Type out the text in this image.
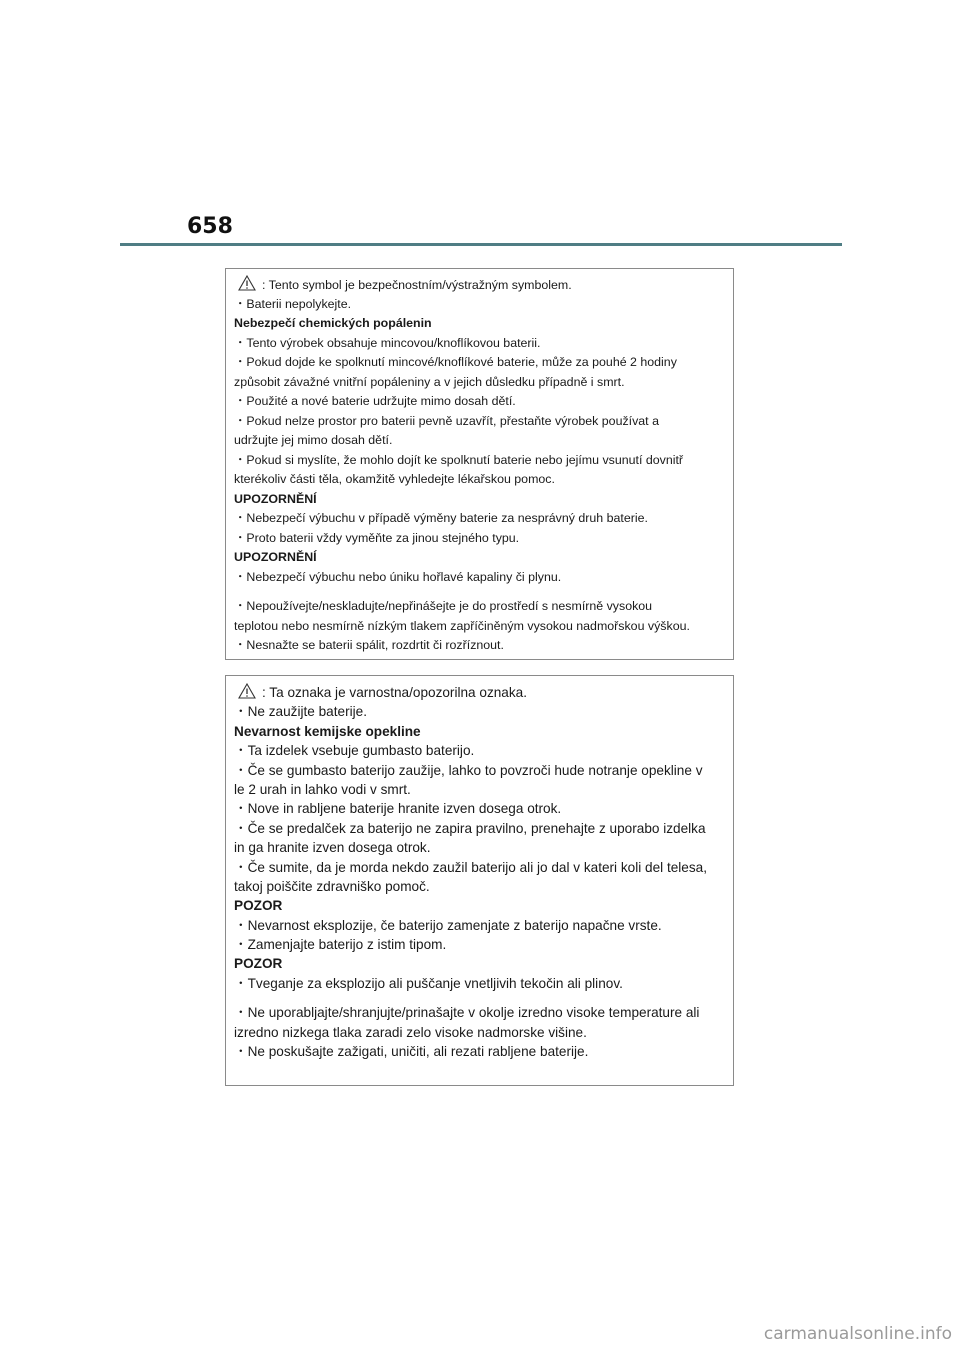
658
: Tento symbol je bezpečnostním/výstražným symbolem.
・Baterii nepolykejte.
Nebezpečí chemických popálenin
・Tento výrobek obsahuje mincovou/knoflíkovou baterii.
・Pokud dojde ke spolknutí mincové/knoflíkové baterie, může za pouhé 2 hodiny
způsobit závažné vnitřní popáleniny a v jejich důsledku případně i smrt.
・Použité a nové baterie udržujte mimo dosah dětí.
・Pokud nelze prostor pro baterii pevně uzavřít, přestaňte výrobek používat a
udržujte jej mimo dosah dětí.
・Pokud si myslíte, že mohlo dojít ke spolknutí baterie nebo jejímu vsunutí dovnitř
kterékoliv části těla, okamžitě vyhledejte lékařskou pomoc.
UPOZORNĚNÍ
・Nebezpečí výbuchu v případě výměny baterie za nesprávný druh baterie.
・Proto baterii vždy vyměňte za jinou stejného typu.
UPOZORNĚNÍ
・Nebezpečí výbuchu nebo úniku hořlavé kapaliny či plynu.
・Nepoužívejte/neskladujte/nepřinášejte je do prostředí s nesmírně vysokou
teplotou nebo nesmírně nízkým tlakem zapříčiněným vysokou nadmořskou výškou.
・Nesnažte se baterii spálit, rozdrtit či rozříznout.
: Ta oznaka je varnostna/opozorilna oznaka.
・Ne zaužijte baterije.
Nevarnost kemijske opekline
・Ta izdelek vsebuje gumbasto baterijo.
・Če se gumbasto baterijo zaužije, lahko to povzroči hude notranje opekline v
le 2 urah in lahko vodi v smrt.
・Nove in rabljene baterije hranite izven dosega otrok.
・Če se predalček za baterijo ne zapira pravilno, prenehajte z uporabo izdelka
in ga hranite izven dosega otrok.
・Če sumite, da je morda nekdo zaužil baterijo ali jo dal v kateri koli del telesa,
takoj poiščite zdravniško pomoč.
POZOR
・Nevarnost eksplozije, če baterijo zamenjate z baterijo napačne vrste.
・Zamenjajte baterijo z istim tipom.
POZOR
・Tveganje za eksplozijo ali puščanje vnetljivih tekočin ali plinov.
・Ne uporabljajte/shranjujte/prinašajte v okolje izredno visoke temperature ali
izredno nizkega tlaka zaradi zelo visoke nadmorske višine.
・Ne poskušajte zažigati, uničiti, ali rezati rabljene baterije.
carmanualsonline.info
